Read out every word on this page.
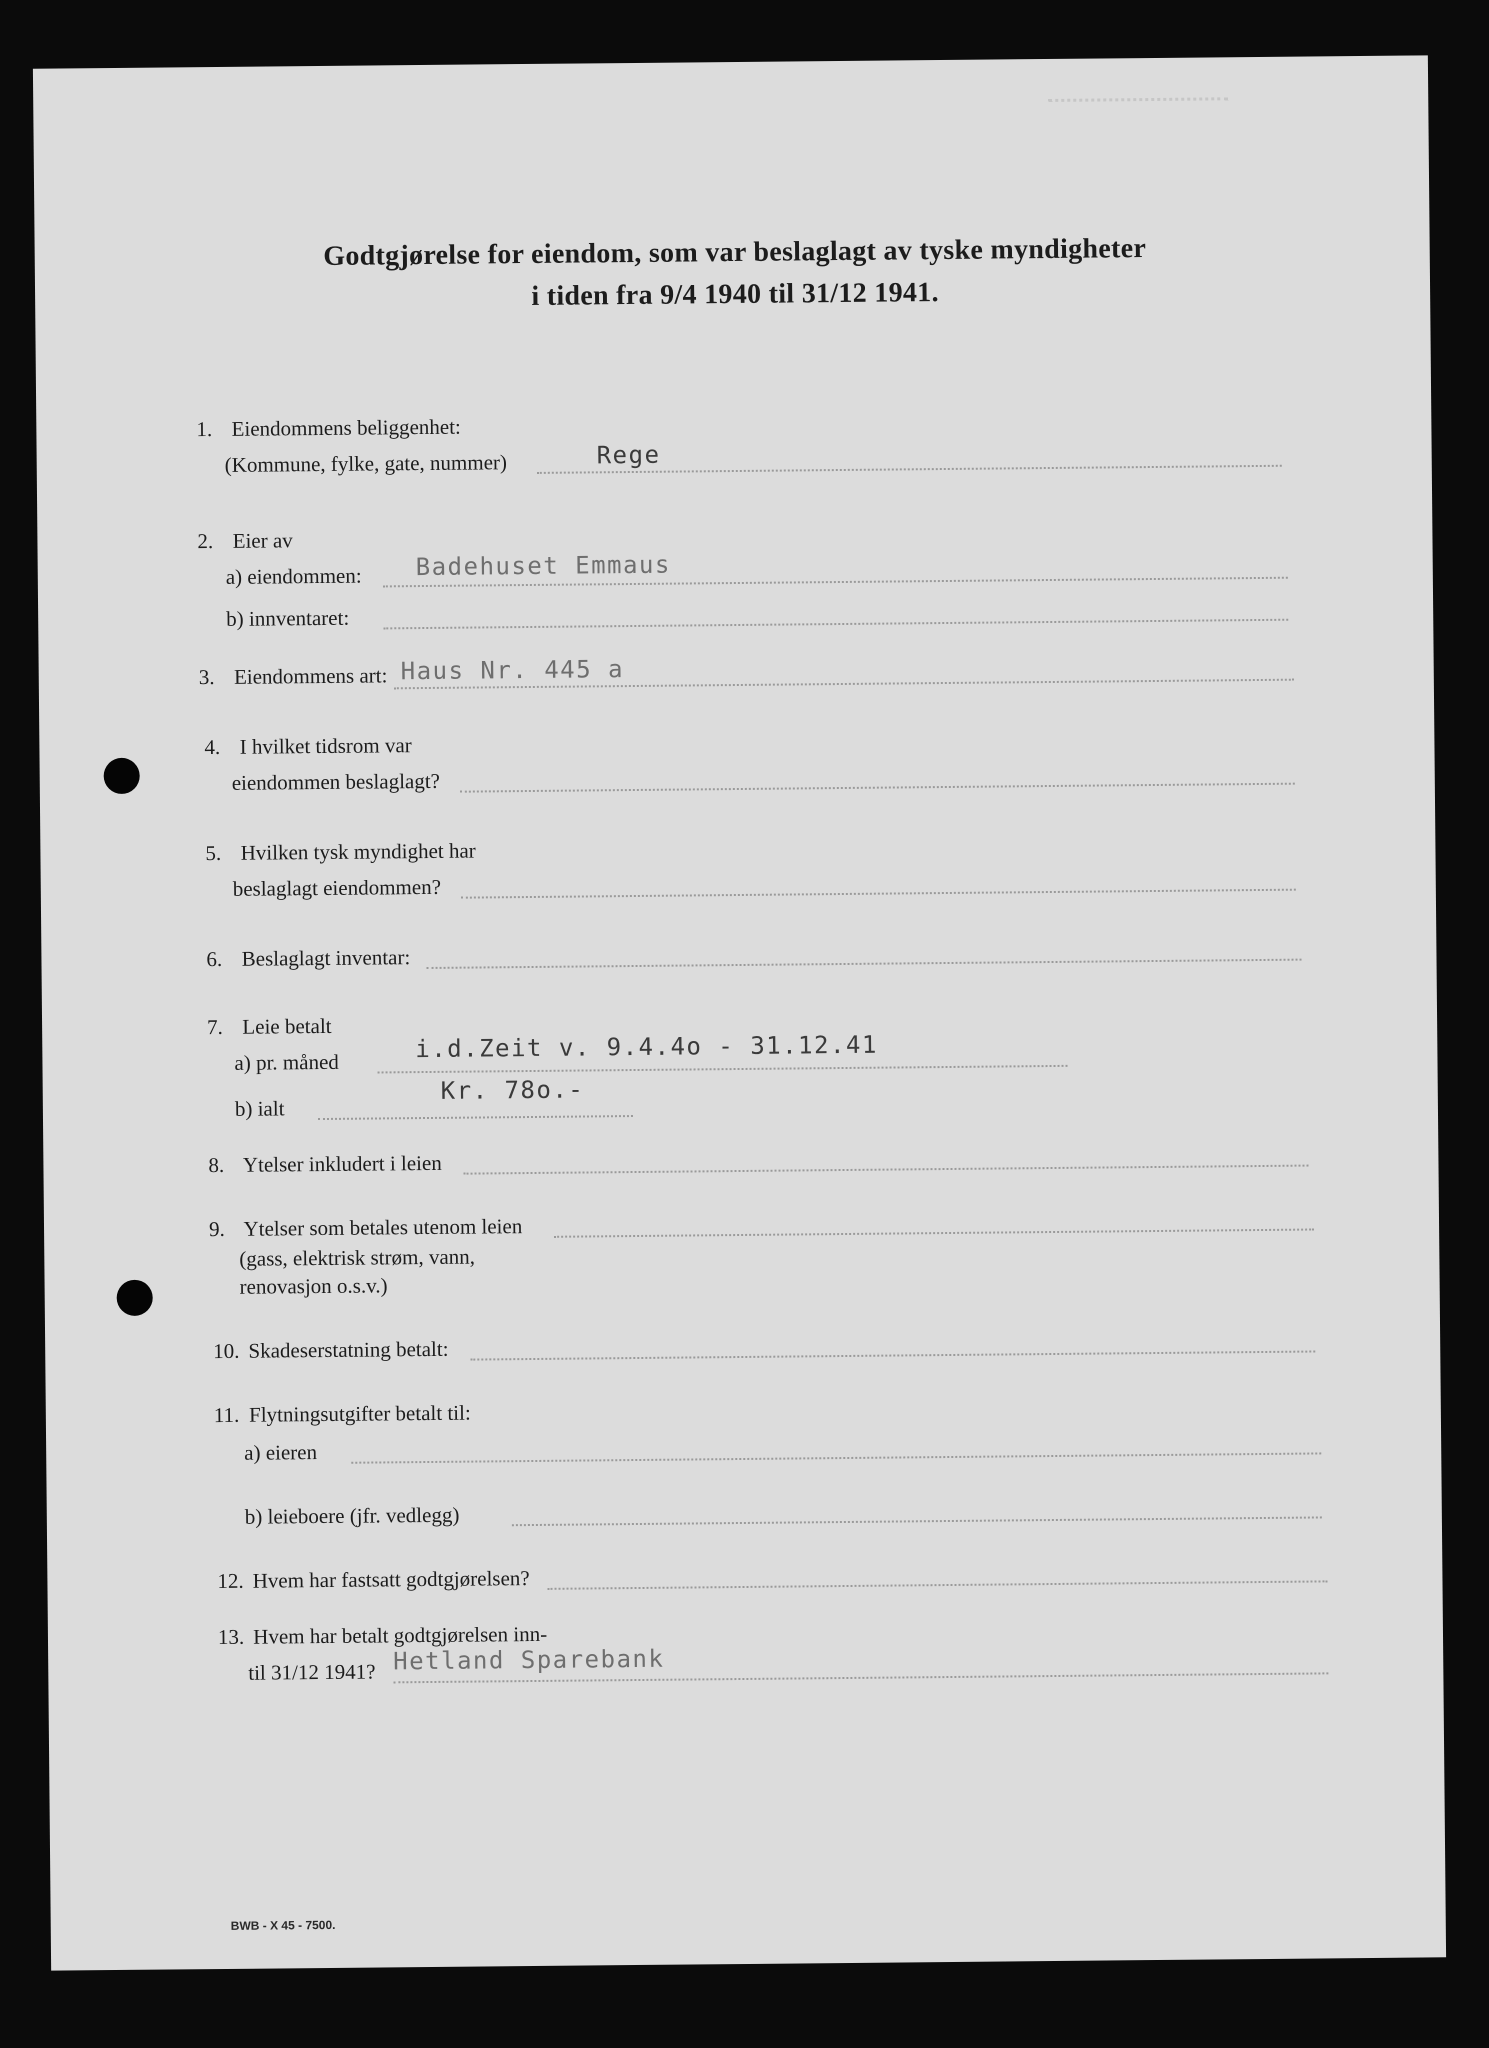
Godtgjørelse for eiendom, som var beslaglagt av tyske myndigheter
i tiden fra 9/4 1940 til 31/12 1941.
1. Eiendommens beliggenhet:
(Kommune, fylke, gate, nummer)	Rege
2. Eier av
a) eiendommen: Badehuset Emmaus
b) innventaret:
3. Eiendommens art: Haus Nr. 445 a
4. I hvilket tidsrom var
eiendommen beslaglagt?
5. Hvilken tysk myndighet har
beslaglagt eiendommen?
6. Beslaglagt inventar:
7. Leie betalt
a) pr. måned	i.d.Zeit v. 9.4.4o - 31.12.41
b) ialt
Kr. 78o.-
8. Ytelser inkludert i leien
9. Ytelser som betales utenom leien
(gass, elektrisk strøm, vann,
renovasjon o.s.v.)
10. Skadeserstatning betalt:
11. Flytningsutgifter betalt til:
a) eieren
b) leieboere (jfr. vedlegg)
12. Hvem har fastsatt godtgjørelsen?
13. Hvem har betalt godtgjørelsen inn-
til 31/12 1941? Hetland Sparebank
BWB - X 45 - 7500.
